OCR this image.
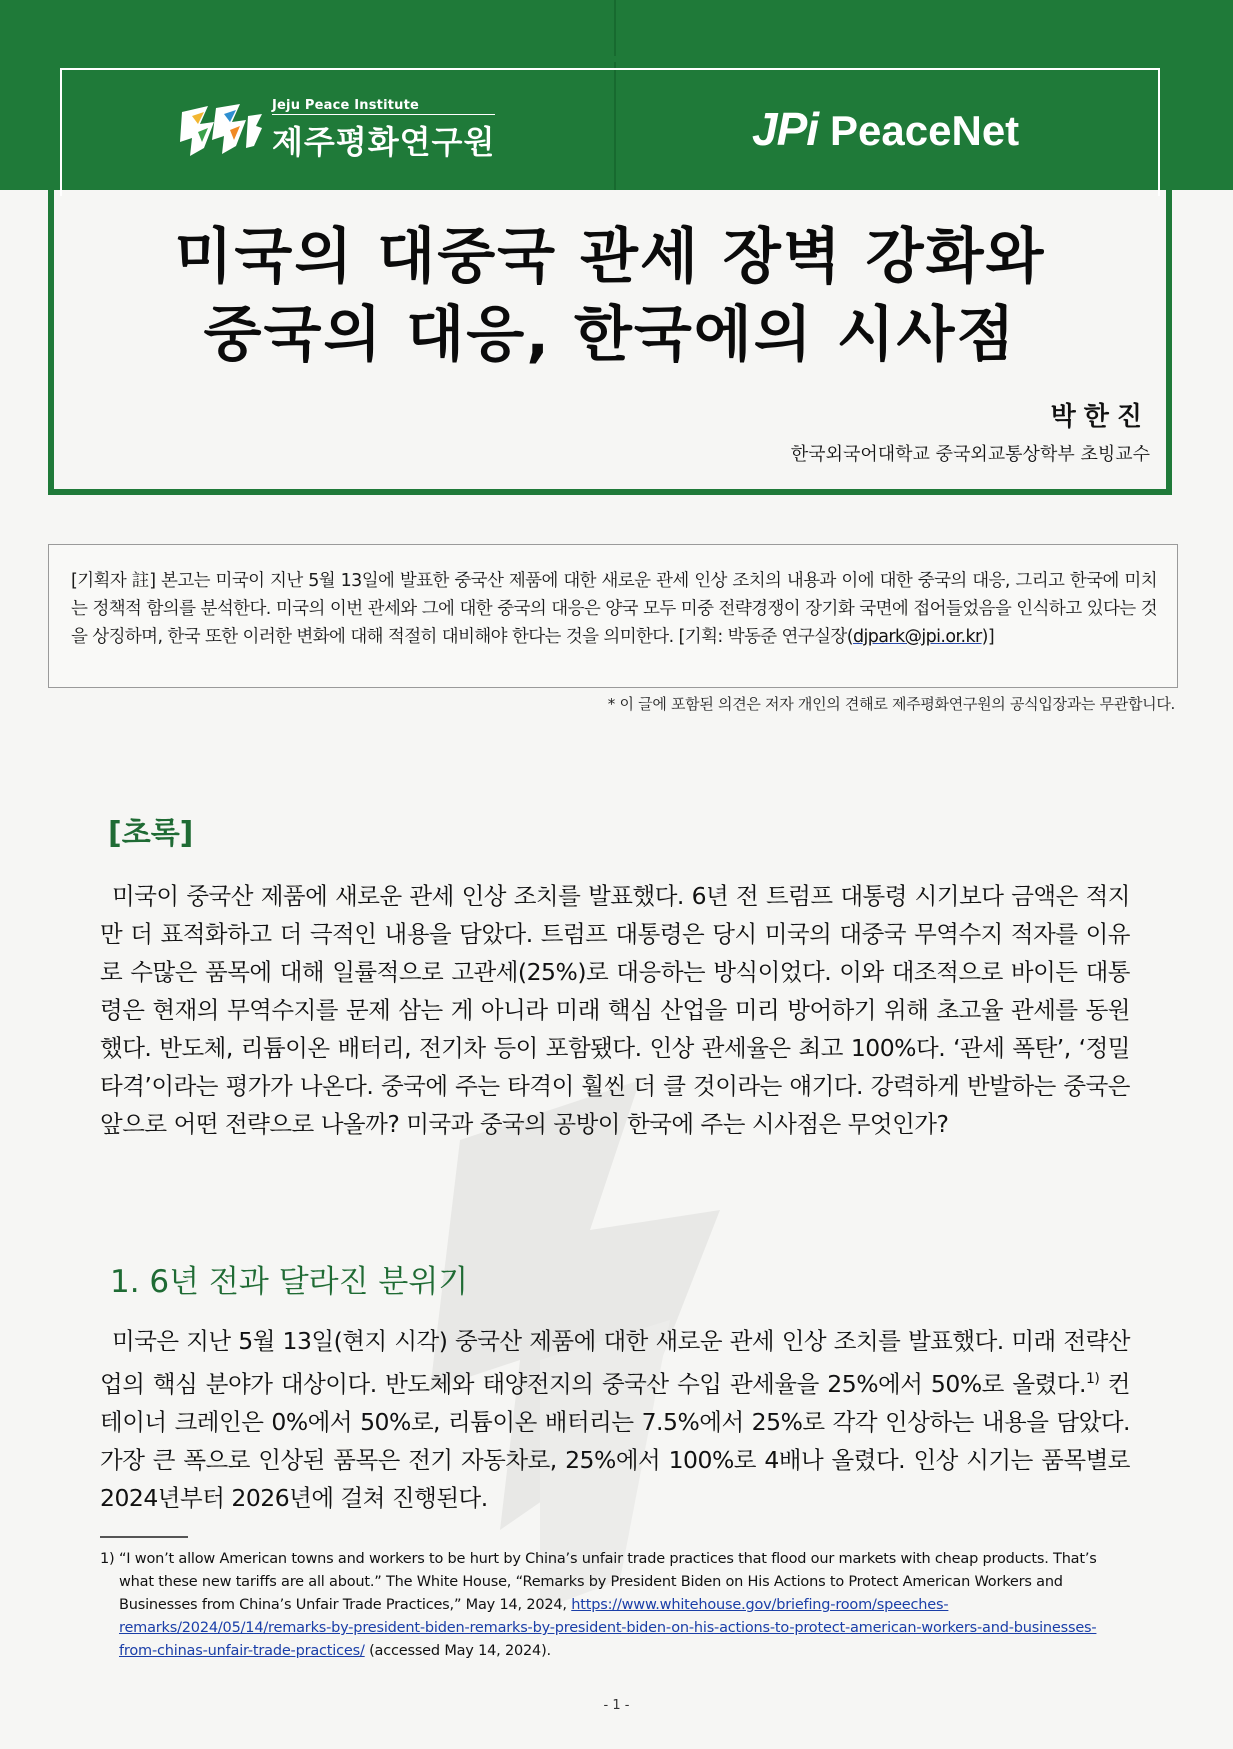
Jeju Peace Institute
제주평화연구원	JPi PeaceNet
미국의 대중국 관세 장벽 강화와
중국의 대응, 한국에의 시사점
박한진
한국외국어대학교 중국외교통상학부 초빙교수
[기획자 註] 본고는 미국이 지난 5월 13일에 발표한 중국산 제품에 대한 새로운 관세 인상 조치의 내용과 이에 대한 중국의 대응, 그리고 한국에 미치는 정책적 함의를 분석한다. 미국의 이번 관세와 그에 대한 중국의 대응은 양국 모두 미중 전략경쟁이 장기화 국면에 접어들었음을 인식하고 있다는 것을 상징하며, 한국 또한 이러한 변화에 대해 적절히 대비해야 한다는 것을 의미한다. [기획: 박동준 연구실장(djpark@jpi.or.kr)]
* 이 글에 포함된 의견은 저자 개인의 견해로 제주평화연구원의 공식입장과는 무관합니다.
[초록]
미국이 중국산 제품에 새로운 관세 인상 조치를 발표했다. 6년 전 트럼프 대통령 시기보다 금액은 적지만 더 표적화하고 더 극적인 내용을 담았다. 트럼프 대통령은 당시 미국의 대중국 무역수지 적자를 이유로 수많은 품목에 대해 일률적으로 고관세(25%)로 대응하는 방식이었다. 이와 대조적으로 바이든 대통령은 현재의 무역수지를 문제 삼는 게 아니라 미래 핵심 산업을 미리 방어하기 위해 초고율 관세를 동원했다. 반도체, 리튬이온 배터리, 전기차 등이 포함됐다. 인상 관세율은 최고 100%다. ‘관세 폭탄’, ‘정밀 타격’이라는 평가가 나온다. 중국에 주는 타격이 훨씬 더 클 것이라는 얘기다. 강력하게 반발하는 중국은 앞으로 어떤 전략으로 나올까? 미국과 중국의 공방이 한국에 주는 시사점은 무엇인가?
1. 6년 전과 달라진 분위기
미국은 지난 5월 13일(현지 시각) 중국산 제품에 대한 새로운 관세 인상 조치를 발표했다. 미래 전략산업의 핵심 분야가 대상이다. 반도체와 태양전지의 중국산 수입 관세율을 25%에서 50%로 올렸다.$^{1)}$ 컨테이너 크레인은 0%에서 50%로, 리튬이온 배터리는 7.5%에서 25%로 각각 인상하는 내용을 담았다. 가장 큰 폭으로 인상된 품목은 전기 자동차로, 25%에서 100%로 4배나 올렸다. 인상 시기는 품목별로 2024년부터 2026년에 걸쳐 진행된다.
1) “I won’t allow American towns and workers to be hurt by China’s unfair trade practices that flood our markets with cheap products. That’s what these new tariffs are all about.” The White House, “Remarks by President Biden on His Actions to Protect American Workers and Businesses from China’s Unfair Trade Practices,” May 14, 2024, https://www.whitehouse.gov/briefing-room/speeches-remarks/2024/05/14/remarks-by-president-biden-remarks-by-president-biden-on-his-actions-to-protect-american-workers-and-businesses-from-chinas-unfair-trade-practices/ (accessed May 14, 2024).
- 1 -
